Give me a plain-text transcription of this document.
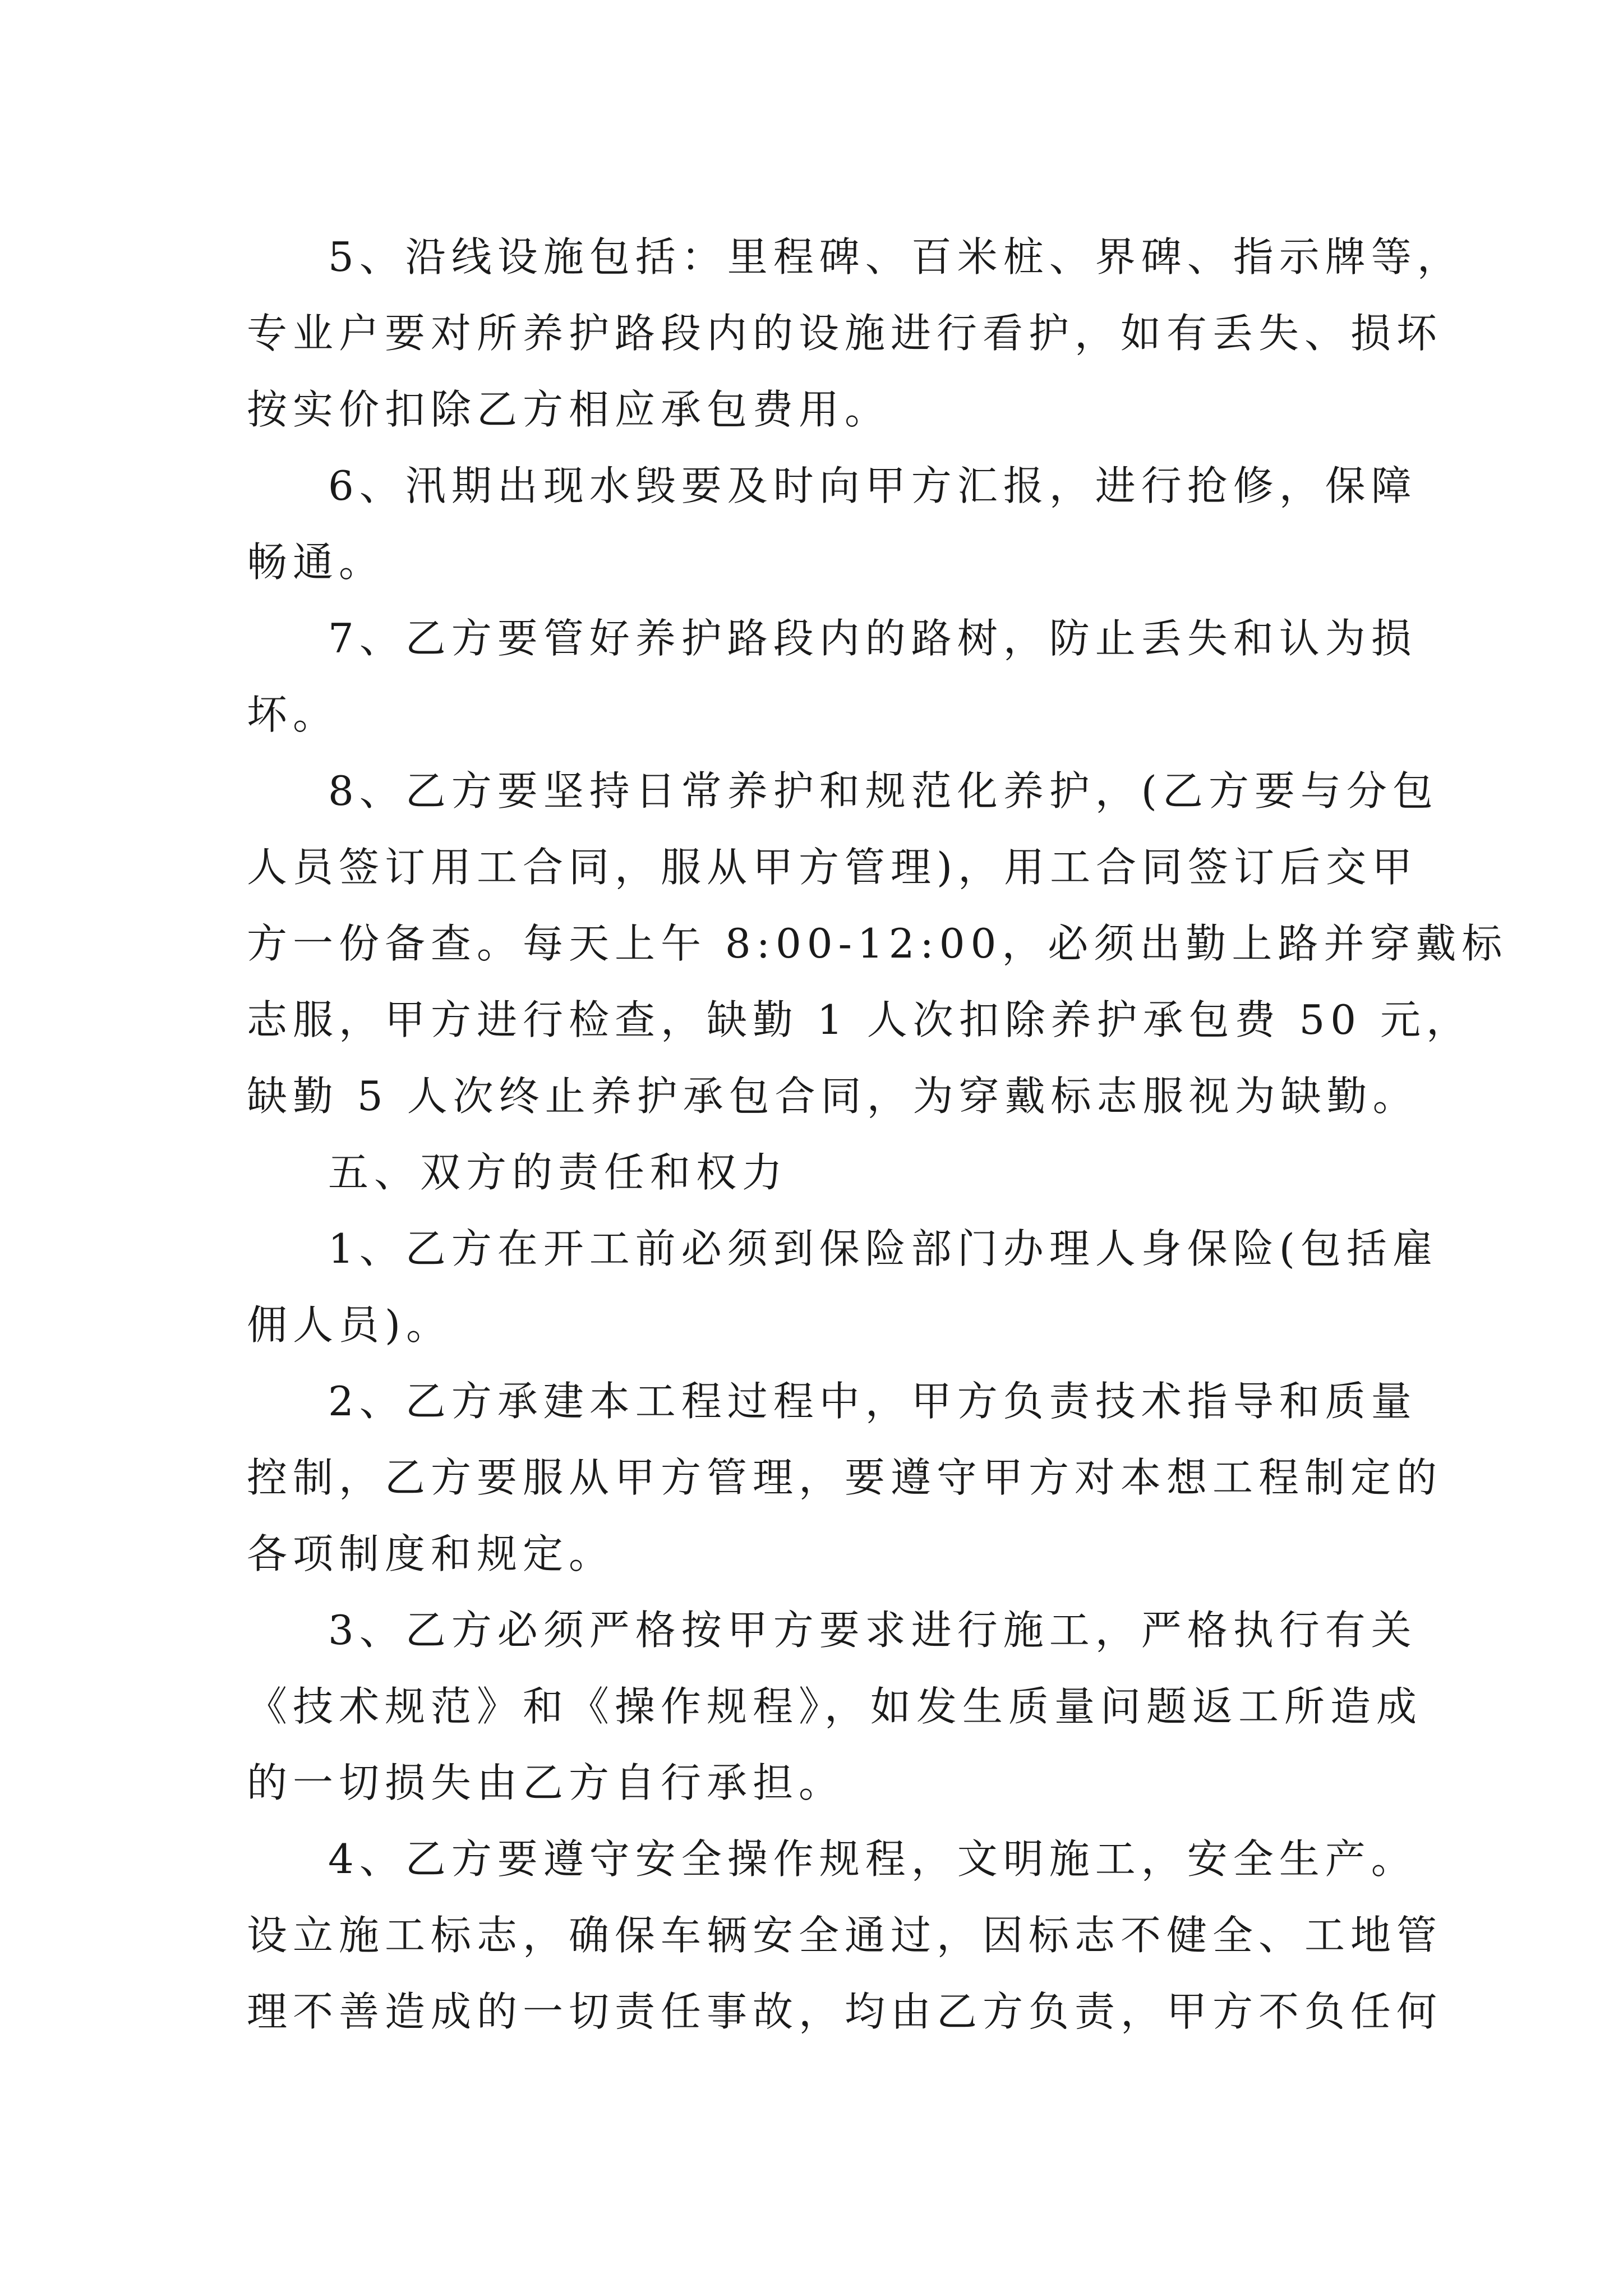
5、沿线设施包括：里程碑、百米桩、界碑、指示牌等，
专业户要对所养护路段内的设施进行看护，如有丢失、损坏
按实价扣除乙方相应承包费用。
6、汛期出现水毁要及时向甲方汇报，进行抢修，保障
畅通。
7、乙方要管好养护路段内的路树，防止丢失和认为损
坏。
8、乙方要坚持日常养护和规范化养护，(乙方要与分包
人员签订用工合同，服从甲方管理)，用工合同签订后交甲
方一份备查。每天上午 8:00-12:00，必须出勤上路并穿戴标
志服，甲方进行检查，缺勤 1 人次扣除养护承包费 50 元，
缺勤 5 人次终止养护承包合同，为穿戴标志服视为缺勤。
五、双方的责任和权力
1、乙方在开工前必须到保险部门办理人身保险(包括雇
佣人员)。
2、乙方承建本工程过程中，甲方负责技术指导和质量
控制，乙方要服从甲方管理，要遵守甲方对本想工程制定的
各项制度和规定。
3、乙方必须严格按甲方要求进行施工，严格执行有关
《技术规范》和《操作规程》，如发生质量问题返工所造成
的一切损失由乙方自行承担。
4、乙方要遵守安全操作规程，文明施工，安全生产。
设立施工标志，确保车辆安全通过，因标志不健全、工地管
理不善造成的一切责任事故，均由乙方负责，甲方不负任何
